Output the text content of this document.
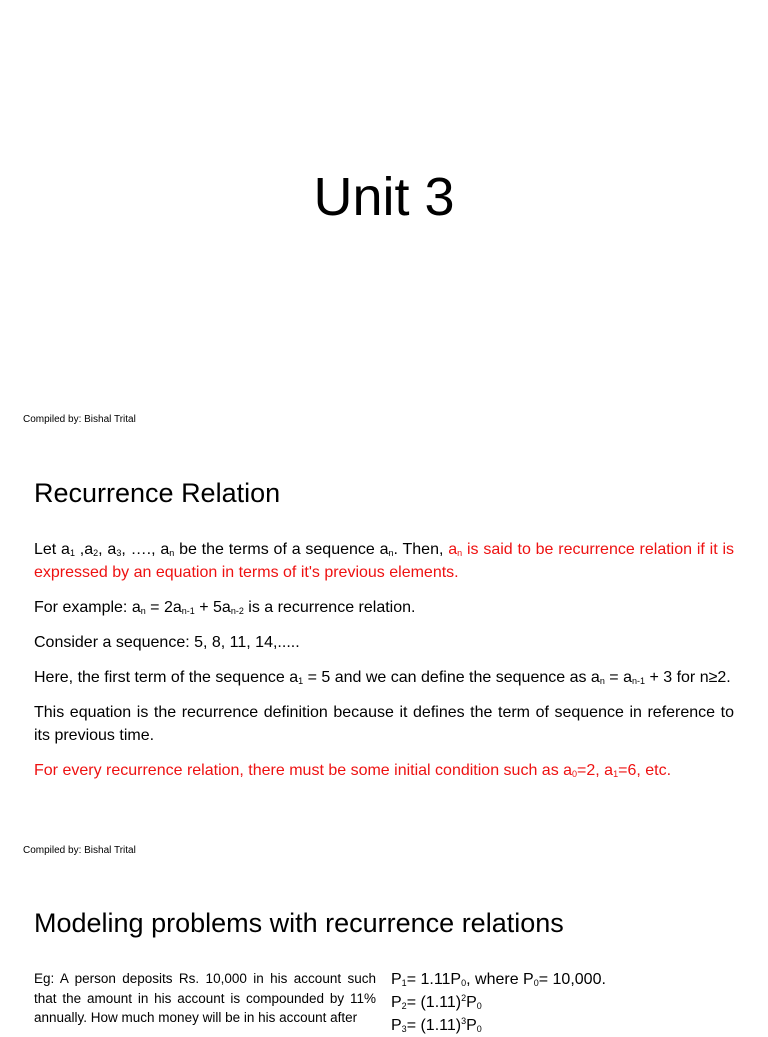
Unit 3
Compiled by: Bishal Trital
Recurrence Relation

Let $a_1$ $,a_2$, $a_3$, …., $a_n$ be the terms of a sequence $a_n$. Then, $a_n$ is said to be recurrence relation if it is expressed by an equation in terms of it's previous elements.

For example: $a_n = 2a_{n-1} + 5a_{n-2}$ is a recurrence relation.

Consider a sequence: 5, 8, 11, 14,.....

Here, the first term of the sequence $a_1 = 5$ and we can define the sequence as $a_n = a_{n-1} + 3$ for n≥2.

This equation is the recurrence definition because it defines the term of sequence in reference to its previous time.

For every recurrence relation, there must be some initial condition such as $a_0=2$, $a_1=6$, etc.

Compiled by: Bishal Trital
Modeling problems with recurrence relations
Eg: A person deposits Rs. 10,000 in his account such that the amount in his account is compounded by 11% annually. How much money will be in his account after
$P_1= 1.11P_0$, where $P_0= 10,000$.
$P_2= (1.11)^2P_0$
$P_3= (1.11)^3P_0$
